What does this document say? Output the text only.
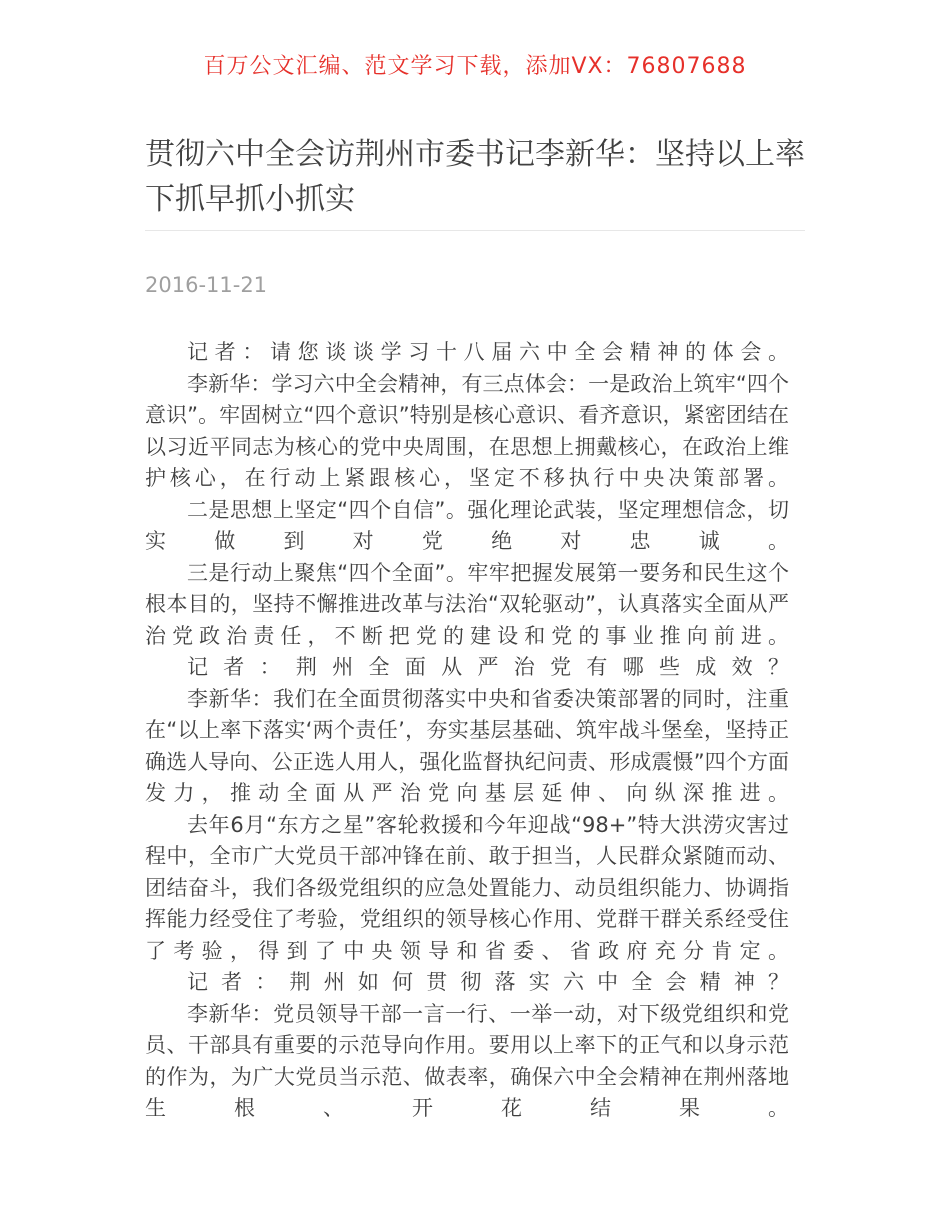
百万公文汇编、范文学习下载，添加VX：76807688
贯彻六中全会访荆州市委书记李新华：坚持以上率下抓早抓小抓实
2016-11-21

记者：请您谈谈学习十八届六中全会精神的体会。

李新华：学习六中全会精神，有三点体会：一是政治上筑牢“四个意识”。牢固树立“四个意识”特别是核心意识、看齐意识，紧密团结在以习近平同志为核心的党中央周围，在思想上拥戴核心，在政治上维护核心，在行动上紧跟核心，坚定不移执行中央决策部署。

二是思想上坚定“四个自信”。强化理论武装，坚定理想信念，切实做到对党绝对忠诚。

三是行动上聚焦“四个全面”。牢牢把握发展第一要务和民生这个根本目的，坚持不懈推进改革与法治“双轮驱动”，认真落实全面从严治党政治责任，不断把党的建设和党的事业推向前进。

记者：荆州全面从严治党有哪些成效？

李新华：我们在全面贯彻落实中央和省委决策部署的同时，注重在“以上率下落实‘两个责任’，夯实基层基础、筑牢战斗堡垒，坚持正确选人导向、公正选人用人，强化监督执纪问责、形成震慑”四个方面发力，推动全面从严治党向基层延伸、向纵深推进。

去年6月“东方之星”客轮救援和今年迎战“98+”特大洪涝灾害过程中，全市广大党员干部冲锋在前、敢于担当，人民群众紧随而动、团结奋斗，我们各级党组织的应急处置能力、动员组织能力、协调指挥能力经受住了考验，党组织的领导核心作用、党群干群关系经受住了考验，得到了中央领导和省委、省政府充分肯定。

记者：荆州如何贯彻落实六中全会精神？

李新华：党员领导干部一言一行、一举一动，对下级党组织和党员、干部具有重要的示范导向作用。要用以上率下的正气和以身示范的作为，为广大党员当示范、做表率，确保六中全会精神在荆州落地生根、开花结果。
